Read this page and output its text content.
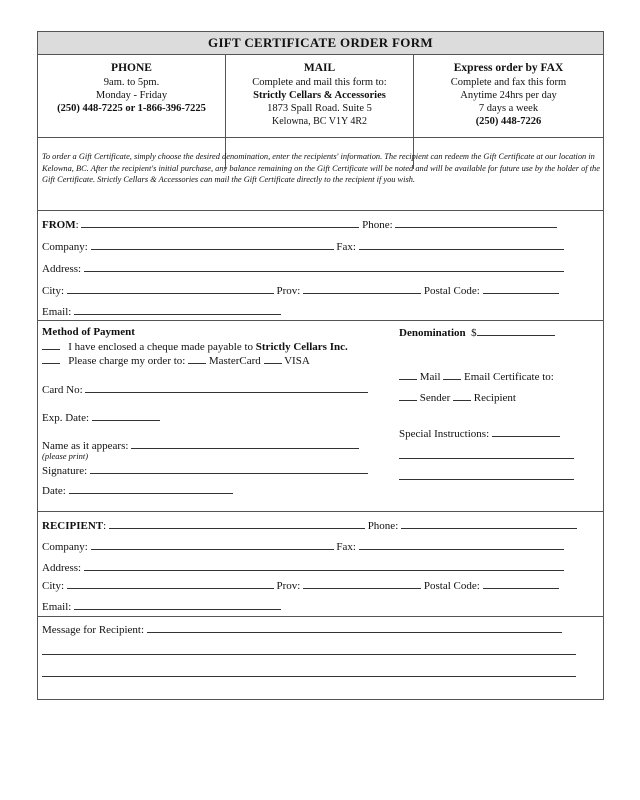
GIFT CERTIFICATE ORDER FORM
PHONE
9am. to 5pm.
Monday - Friday
(250) 448-7225 or 1-866-396-7225
MAIL
Complete and mail this form to:
Strictly Cellars & Accessories
1873 Spall Road. Suite 5
Kelowna, BC V1Y 4R2
Express order by FAX
Complete and fax this form
Anytime 24hrs per day
7 days a week
(250) 448-7226
To order a Gift Certificate, simply choose the desired denomination, enter the recipients' information. The recipient can redeem the Gift Certificate at our location in Kelowna, BC. After the recipient's initial purchase, any balance remaining on the Gift Certificate will be noted and will be available for future use by the holder of the Gift Certificate. Strictly Cellars & Accessories can mail the Gift Certificate directly to the recipient if you wish.
FROM:	Phone:
Company:	Fax:
Address:
City:	Prov:	Postal Code:
Email:
Method of Payment
I have enclosed a cheque made payable to Strictly Cellars Inc.
Please charge my order to: MasterCard VISA
Card No:
Exp. Date:
Name as it appears:
(please print)
Signature:
Date:
Denomination $
Mail Email Certificate to:
Sender Recipient
Special Instructions:
RECIPIENT:	Phone:
Company:	Fax:
Address:
City:	Prov:	Postal Code:
Email:
Message for Recipient:
